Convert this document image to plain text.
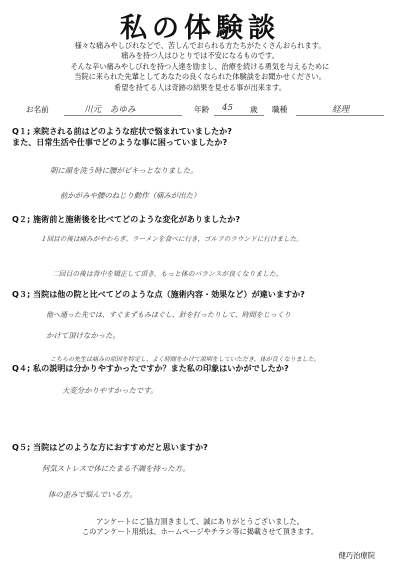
私の体験談
様々な痛みやしびれなどで、苦しんでおられる方たちがたくさんおられます。
痛みを持つ人はひとりでは不安になるものです。
そんな辛い痛みやしびれを持つ人達を励まし、治療を続ける勇気を与えるために
当院に来られた先輩としてあなたの良くなられた体験談をお聞かせください。
希望を持てる人は奇跡の結果を見せる事が出来ます。
お名前	川元　あゆみ	年齢 45 歳 職種	経理
Q１; 来院される前はどのような症状で悩まれていましたか?
また、日常生活や仕事でどのような事に困っていましたか?
朝に顔を洗う時に腰がピキっとなりました。
前かがみや腰のねじり動作（痛みが出た）
Q２; 施術前と施術後を比べてどのような変化がありましたか?
１回目の後は痛みがやわらぎ、ラーメンを食べに行き、ゴルフのラウンドに行けました。
二回目の後は背中を矯正して頂き、もっと体のバランスが良くなりました。
Q３; 当院は他の院と比べてどのような点（施術内容・効果など）が違いますか?
他へ通った先では、すぐまずもみほぐし、針を打ったりして、時間をじっくり
かけて頂けなかった。
こちらの先生は痛みの原因を特定し、よく時間をかけて説明をしていただき、体が良くなりました。
Q４; 私の説明は分かりやすかったですか？また私の印象はいかがでしたか?
大変分かりやすかったです。
Q５; 当院はどのような方におすすめだと思いますか?
何気ストレスで体にたまる不調を持った方。
体の歪みで悩んでいる方。
アンケートにご協力頂きまして、誠にありがとうございました。
このアンケート用紙は、ホームページやチラシ等に掲載させて頂きます。
健巧治療院
